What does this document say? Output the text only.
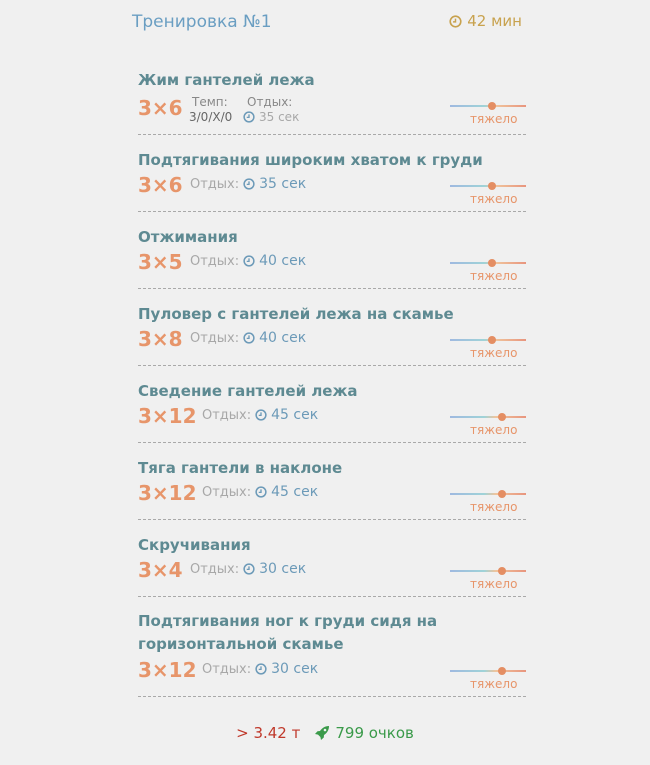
Тренировка №1	42 мин
Жим гантелей лежа
3×6 Темп:
3/0/X/0
Отдых:
35 сек	тяжело
Подтягивания широким хватом к груди
3×6 Отдых: 35 сек
тяжело
Отжимания
3×5 Отдых: 40 сек
тяжело
Пуловер с гантелей лежа на скамье
3×8 Отдых: 40 сек
тяжело
Сведение гантелей лежа
3×12 Отдых: 45 сек
тяжело
Тяга гантели в наклоне
3×12 Отдых: 45 сек
тяжело
Скручивания
3×4 Отдых: 30 сек
тяжело
Подтягивания ног к груди сидя на
горизонтальной скамье
3×12 Отдых: 30 сек
тяжело
> 3.42 т 799 очков
